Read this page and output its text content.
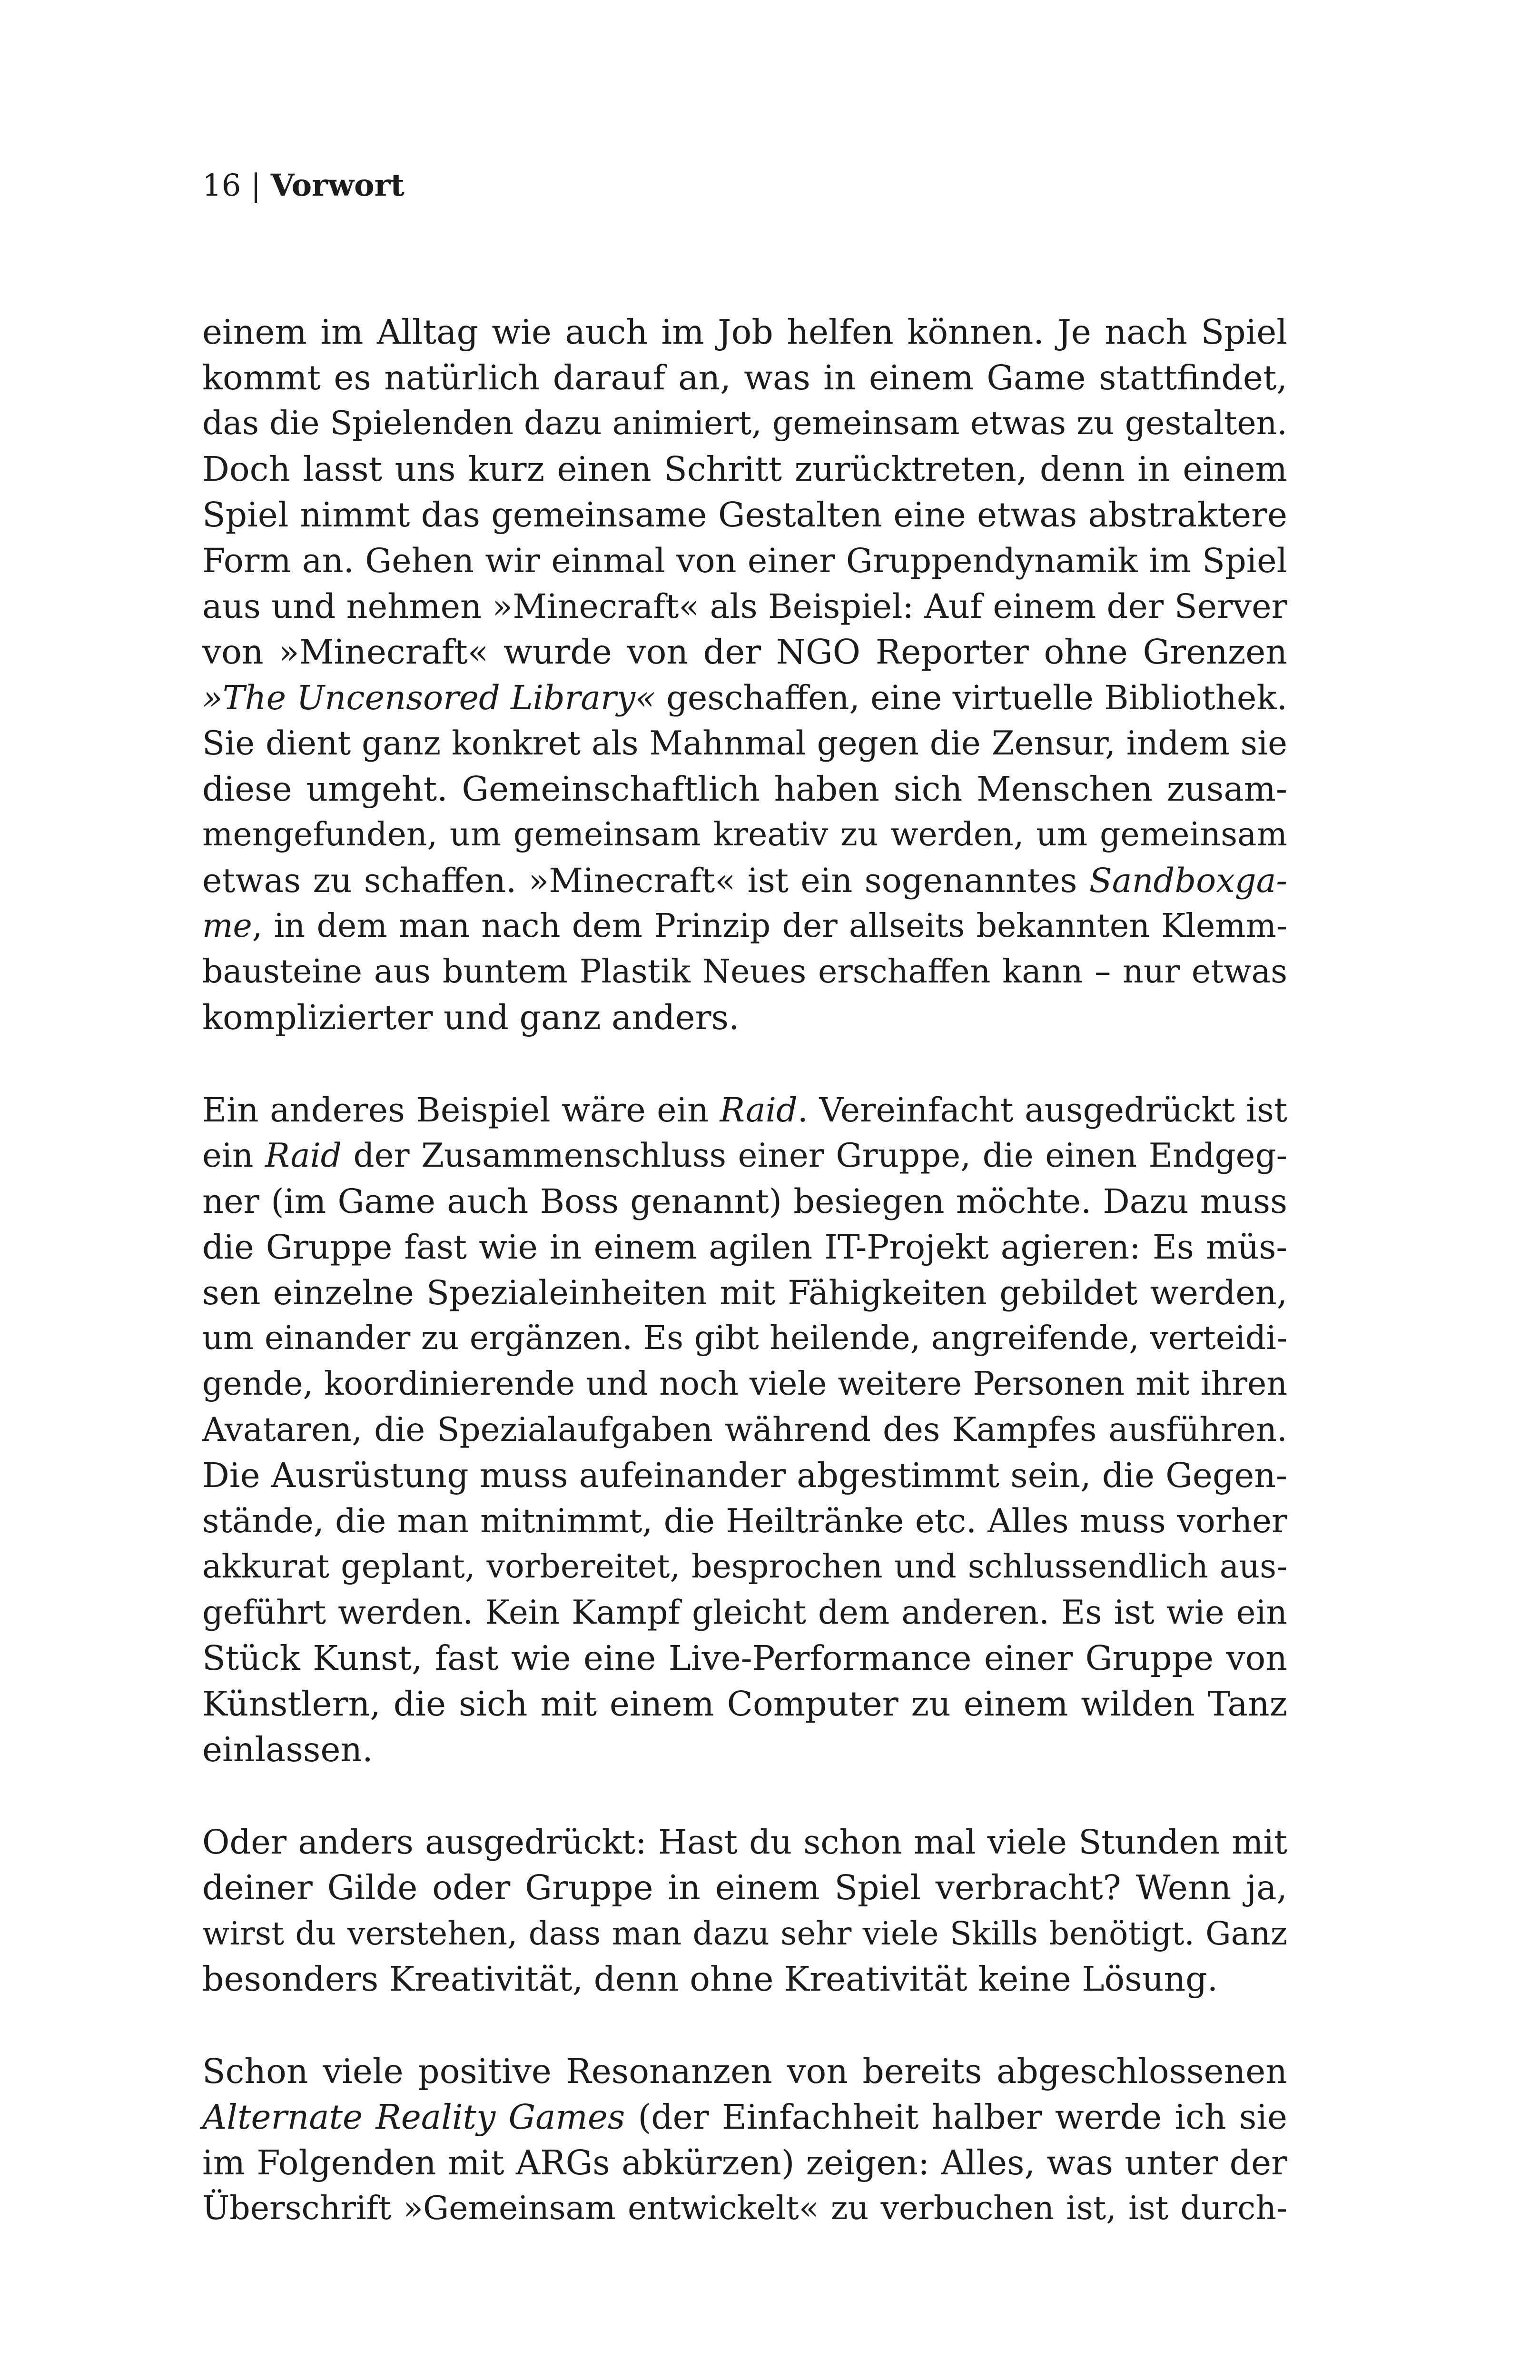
16 | Vorwort
einem im Alltag wie auch im Job helfen können. Je nach Spiel
kommt es natürlich darauf an, was in einem Game stattfindet,
das die Spielenden dazu animiert, gemeinsam etwas zu gestalten.
Doch lasst uns kurz einen Schritt zurücktreten, denn in einem
Spiel nimmt das gemeinsame Gestalten eine etwas abstraktere
Form an. Gehen wir einmal von einer Gruppendynamik im Spiel
aus und nehmen »Minecraft« als Beispiel: Auf einem der Server
von »Minecraft« wurde von der NGO Reporter ohne Grenzen
»The Uncensored Library« geschaffen, eine virtuelle Bibliothek.
Sie dient ganz konkret als Mahnmal gegen die Zensur, indem sie
diese umgeht. Gemeinschaftlich haben sich Menschen zusam-
mengefunden, um gemeinsam kreativ zu werden, um gemeinsam
etwas zu schaffen. »Minecraft« ist ein sogenanntes Sandboxga-
me, in dem man nach dem Prinzip der allseits bekannten Klemm-
bausteine aus buntem Plastik Neues erschaffen kann – nur etwas
komplizierter und ganz anders.
Ein anderes Beispiel wäre ein Raid. Vereinfacht ausgedrückt ist
ein Raid der Zusammenschluss einer Gruppe, die einen Endgeg-
ner (im Game auch Boss genannt) besiegen möchte. Dazu muss
die Gruppe fast wie in einem agilen IT-Projekt agieren: Es müs-
sen einzelne Spezialeinheiten mit Fähigkeiten gebildet werden,
um einander zu ergänzen. Es gibt heilende, angreifende, verteidi-
gende, koordinierende und noch viele weitere Personen mit ihren
Avataren, die Spezialaufgaben während des Kampfes ausführen.
Die Ausrüstung muss aufeinander abgestimmt sein, die Gegen-
stände, die man mitnimmt, die Heiltränke etc. Alles muss vorher
akkurat geplant, vorbereitet, besprochen und schlussendlich aus-
geführt werden. Kein Kampf gleicht dem anderen. Es ist wie ein
Stück Kunst, fast wie eine Live-Performance einer Gruppe von
Künstlern, die sich mit einem Computer zu einem wilden Tanz
einlassen.
Oder anders ausgedrückt: Hast du schon mal viele Stunden mit
deiner Gilde oder Gruppe in einem Spiel verbracht? Wenn ja,
wirst du verstehen, dass man dazu sehr viele Skills benötigt. Ganz
besonders Kreativität, denn ohne Kreativität keine Lösung.
Schon viele positive Resonanzen von bereits abgeschlossenen
Alternate Reality Games (der Einfachheit halber werde ich sie
im Folgenden mit ARGs abkürzen) zeigen: Alles, was unter der
Überschrift »Gemeinsam entwickelt« zu verbuchen ist, ist durch-
